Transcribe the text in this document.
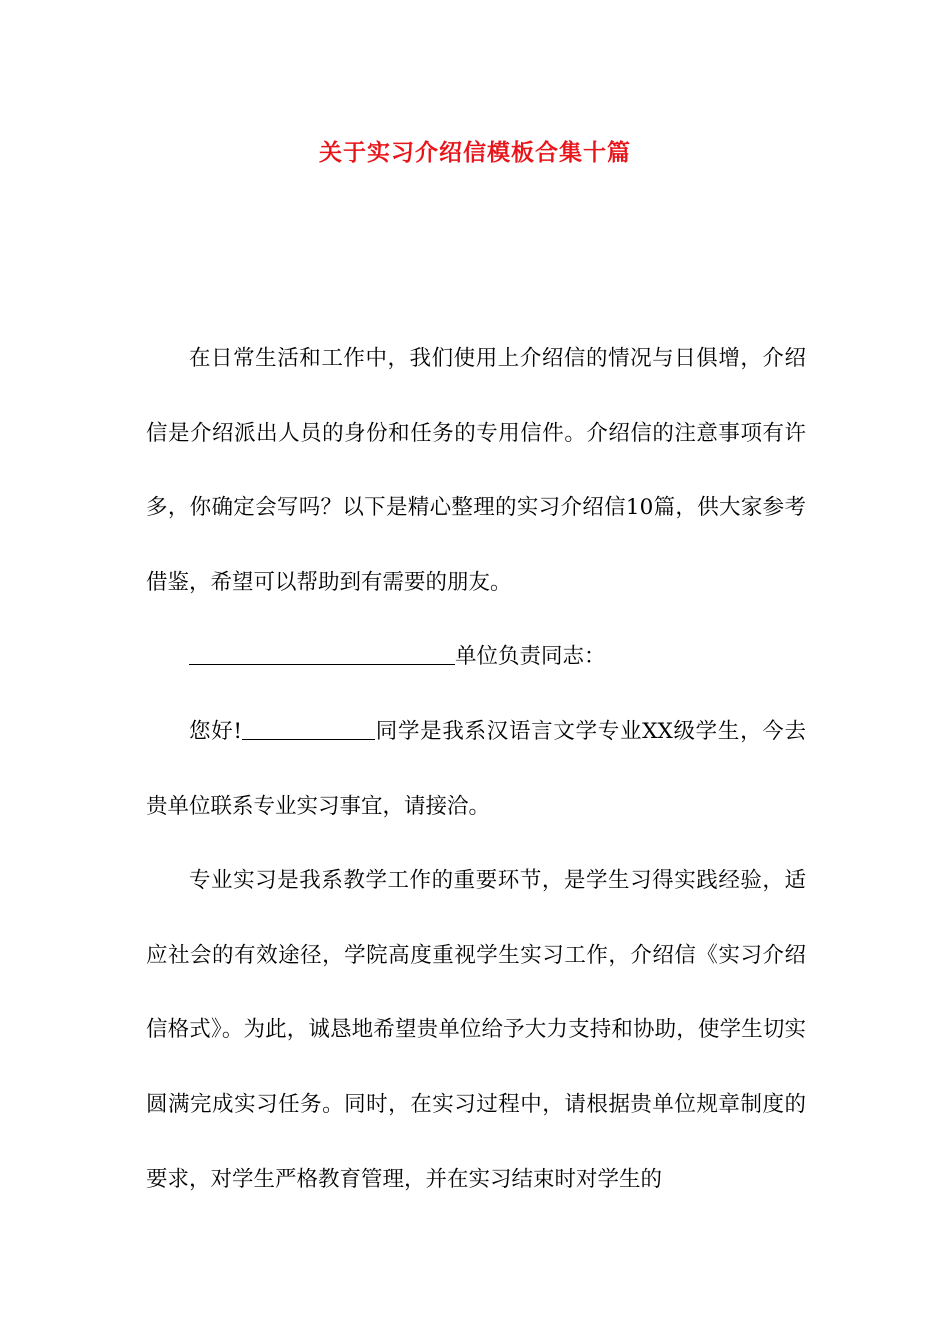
关于实习介绍信模板合集十篇

在日常生活和工作中，我们使用上介绍信的情况与日俱增，介绍信是介绍派出人员的身份和任务的专用信件。介绍信的注意事项有许多，你确定会写吗？以下是精心整理的实习介绍信10篇，供大家参考借鉴，希望可以帮助到有需要的朋友。

单位负责同志：

您好!	同学是我系汉语言文学专业XX级学生，今去贵单位联系专业实习事宜，请接洽。

专业实习是我系教学工作的重要环节，是学生习得实践经验，适应社会的有效途径，学院高度重视学生实习工作，介绍信《实习介绍信格式》。为此，诚恳地希望贵单位给予大力支持和协助，使学生切实圆满完成实习任务。同时，在实习过程中，请根据贵单位规章制度的要求，对学生严格教育管理，并在实习结束时对学生的
